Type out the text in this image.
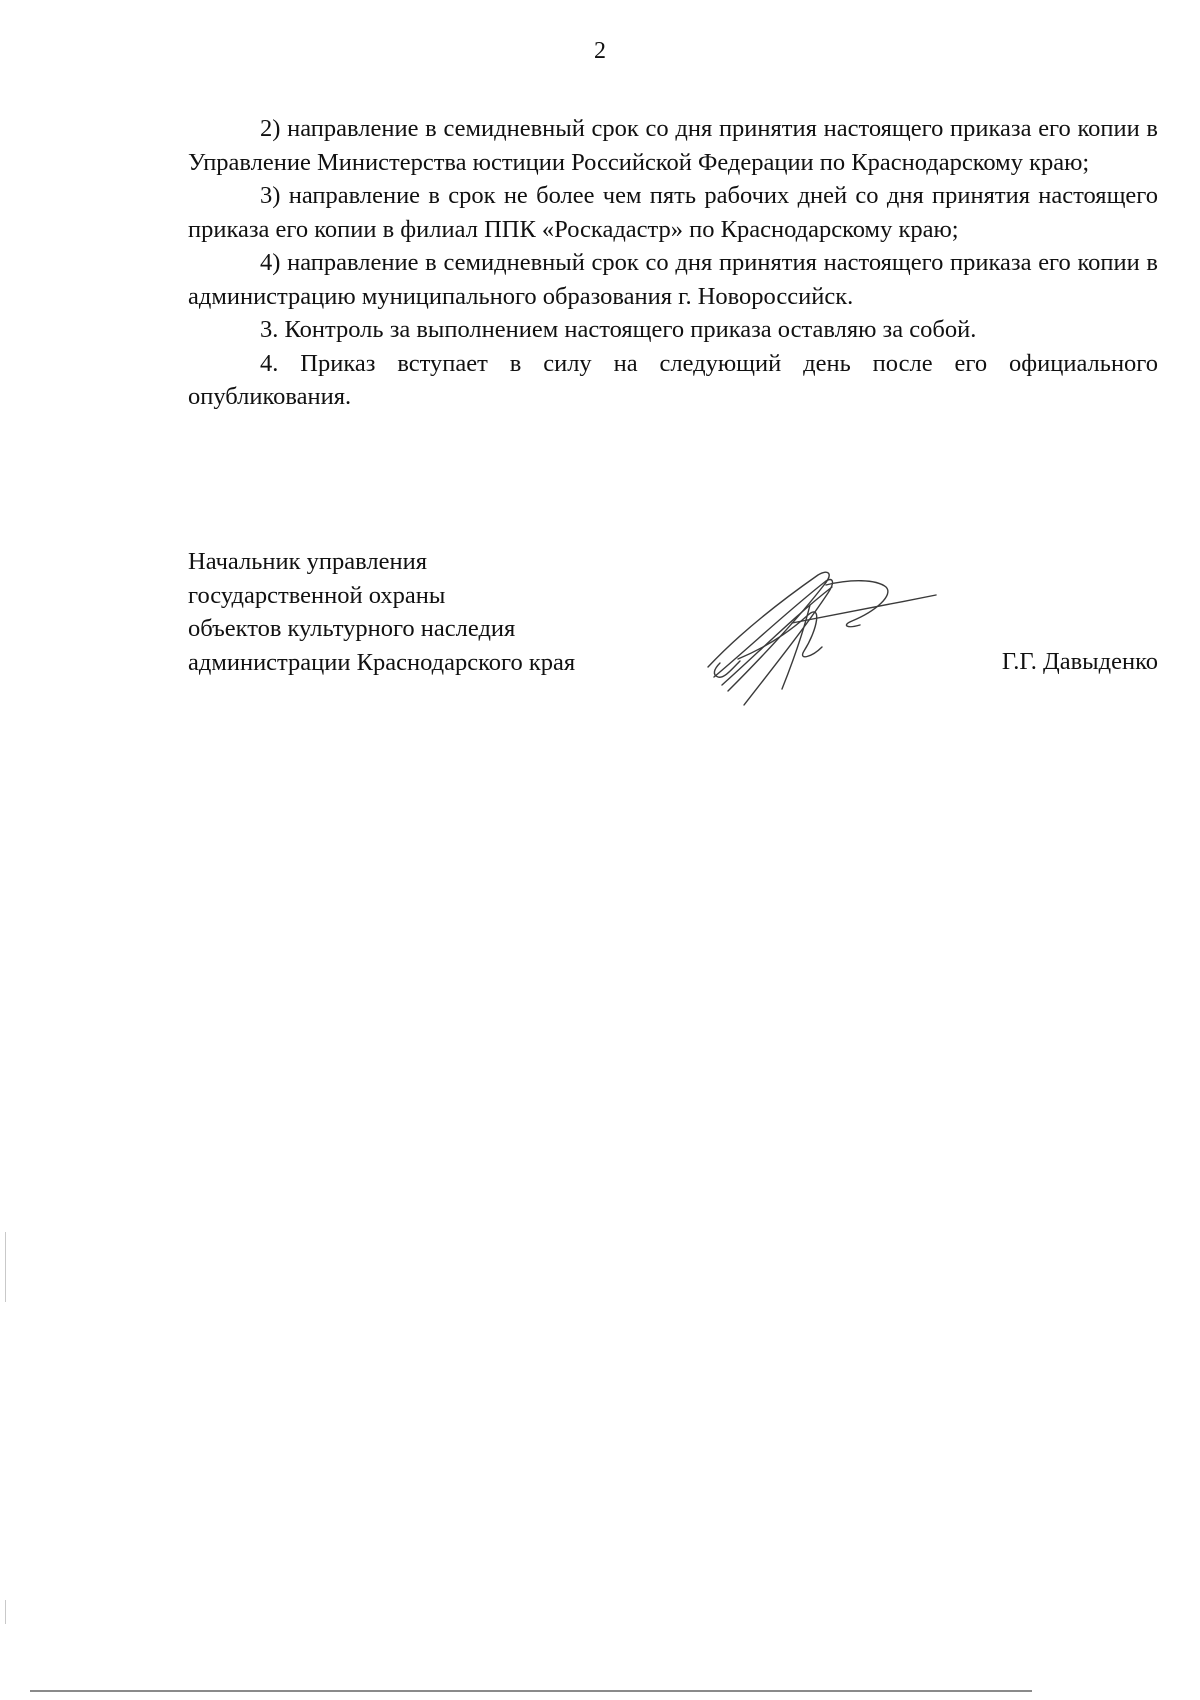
2

2) направление в семидневный срок со дня принятия настоящего приказа его копии в Управление Министерства юстиции Российской Федерации по Краснодарскому краю;

3) направление в срок не более чем пять рабочих дней со дня принятия настоящего приказа его копии в филиал ППК «Роскадастр» по Краснодарскому краю;

4) направление в семидневный срок со дня принятия настоящего приказа его копии в администрацию муниципального образования г. Новороссийск.

3. Контроль за выполнением настоящего приказа оставляю за собой.

4. Приказ вступает в силу на следующий день после его официального опубликования.

Начальник управления
государственной охраны
объектов культурного наследия
администрации Краснодарского края	Г.Г. Давыденко
